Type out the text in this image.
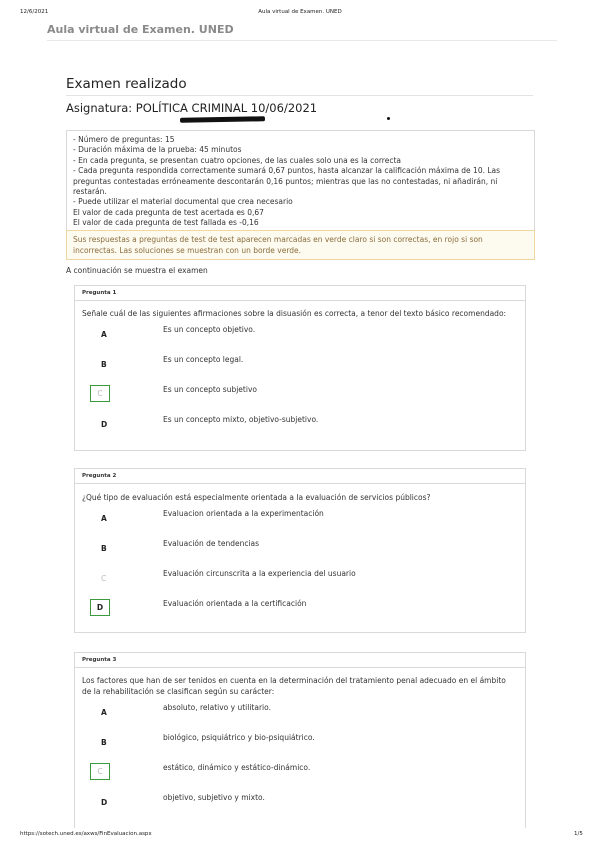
12/6/2021	Aula virtual de Examen. UNED
Aula virtual de Examen. UNED
Examen realizado
Asignatura: POLÍTICA CRIMINAL 10/06/2021
- Número de preguntas: 15
- Duración máxima de la prueba: 45 minutos
- En cada pregunta, se presentan cuatro opciones, de las cuales solo una es la correcta
- Cada pregunta respondida correctamente sumará 0,67 puntos, hasta alcanzar la calificación máxima de 10. Las preguntas contestadas erróneamente descontarán 0,16 puntos; mientras que las no contestadas, ni añadirán, ni restarán.
- Puede utilizar el material documental que crea necesario
El valor de cada pregunta de test acertada es 0,67
El valor de cada pregunta de test fallada es -0,16
Sus respuestas a preguntas de test de test aparecen marcadas en verde claro si son correctas, en rojo si son incorrectas. Las soluciones se muestran con un borde verde.
A continuación se muestra el examen
Pregunta 1
Señale cuál de las siguientes afirmaciones sobre la disuasión es correcta, a tenor del texto básico recomendado:
A
Es un concepto objetivo.
B
Es un concepto legal.
C	Es un concepto subjetivo
D
Es un concepto mixto, objetivo-subjetivo.
Pregunta 2
¿Qué tipo de evaluación está especialmente orientada a la evaluación de servicios públicos?
A
Evaluacion orientada a la experimentación
B
Evaluación de tendencias
C
Evaluación circunscrita a la experiencia del usuario
D	Evaluación orientada a la certificación
Pregunta 3
Los factores que han de ser tenidos en cuenta en la determinación del tratamiento penal adecuado en el ámbito de la rehabilitación se clasifican según su carácter:
A
absoluto, relativo y utilitario.
B
biológico, psiquiátrico y bio-psiquiátrico.
C	estático, dinámico y estático-dinámico.
D
objetivo, subjetivo y mixto.
https://sotech.uned.es/axws/FinEvaluacion.aspx	1/5
